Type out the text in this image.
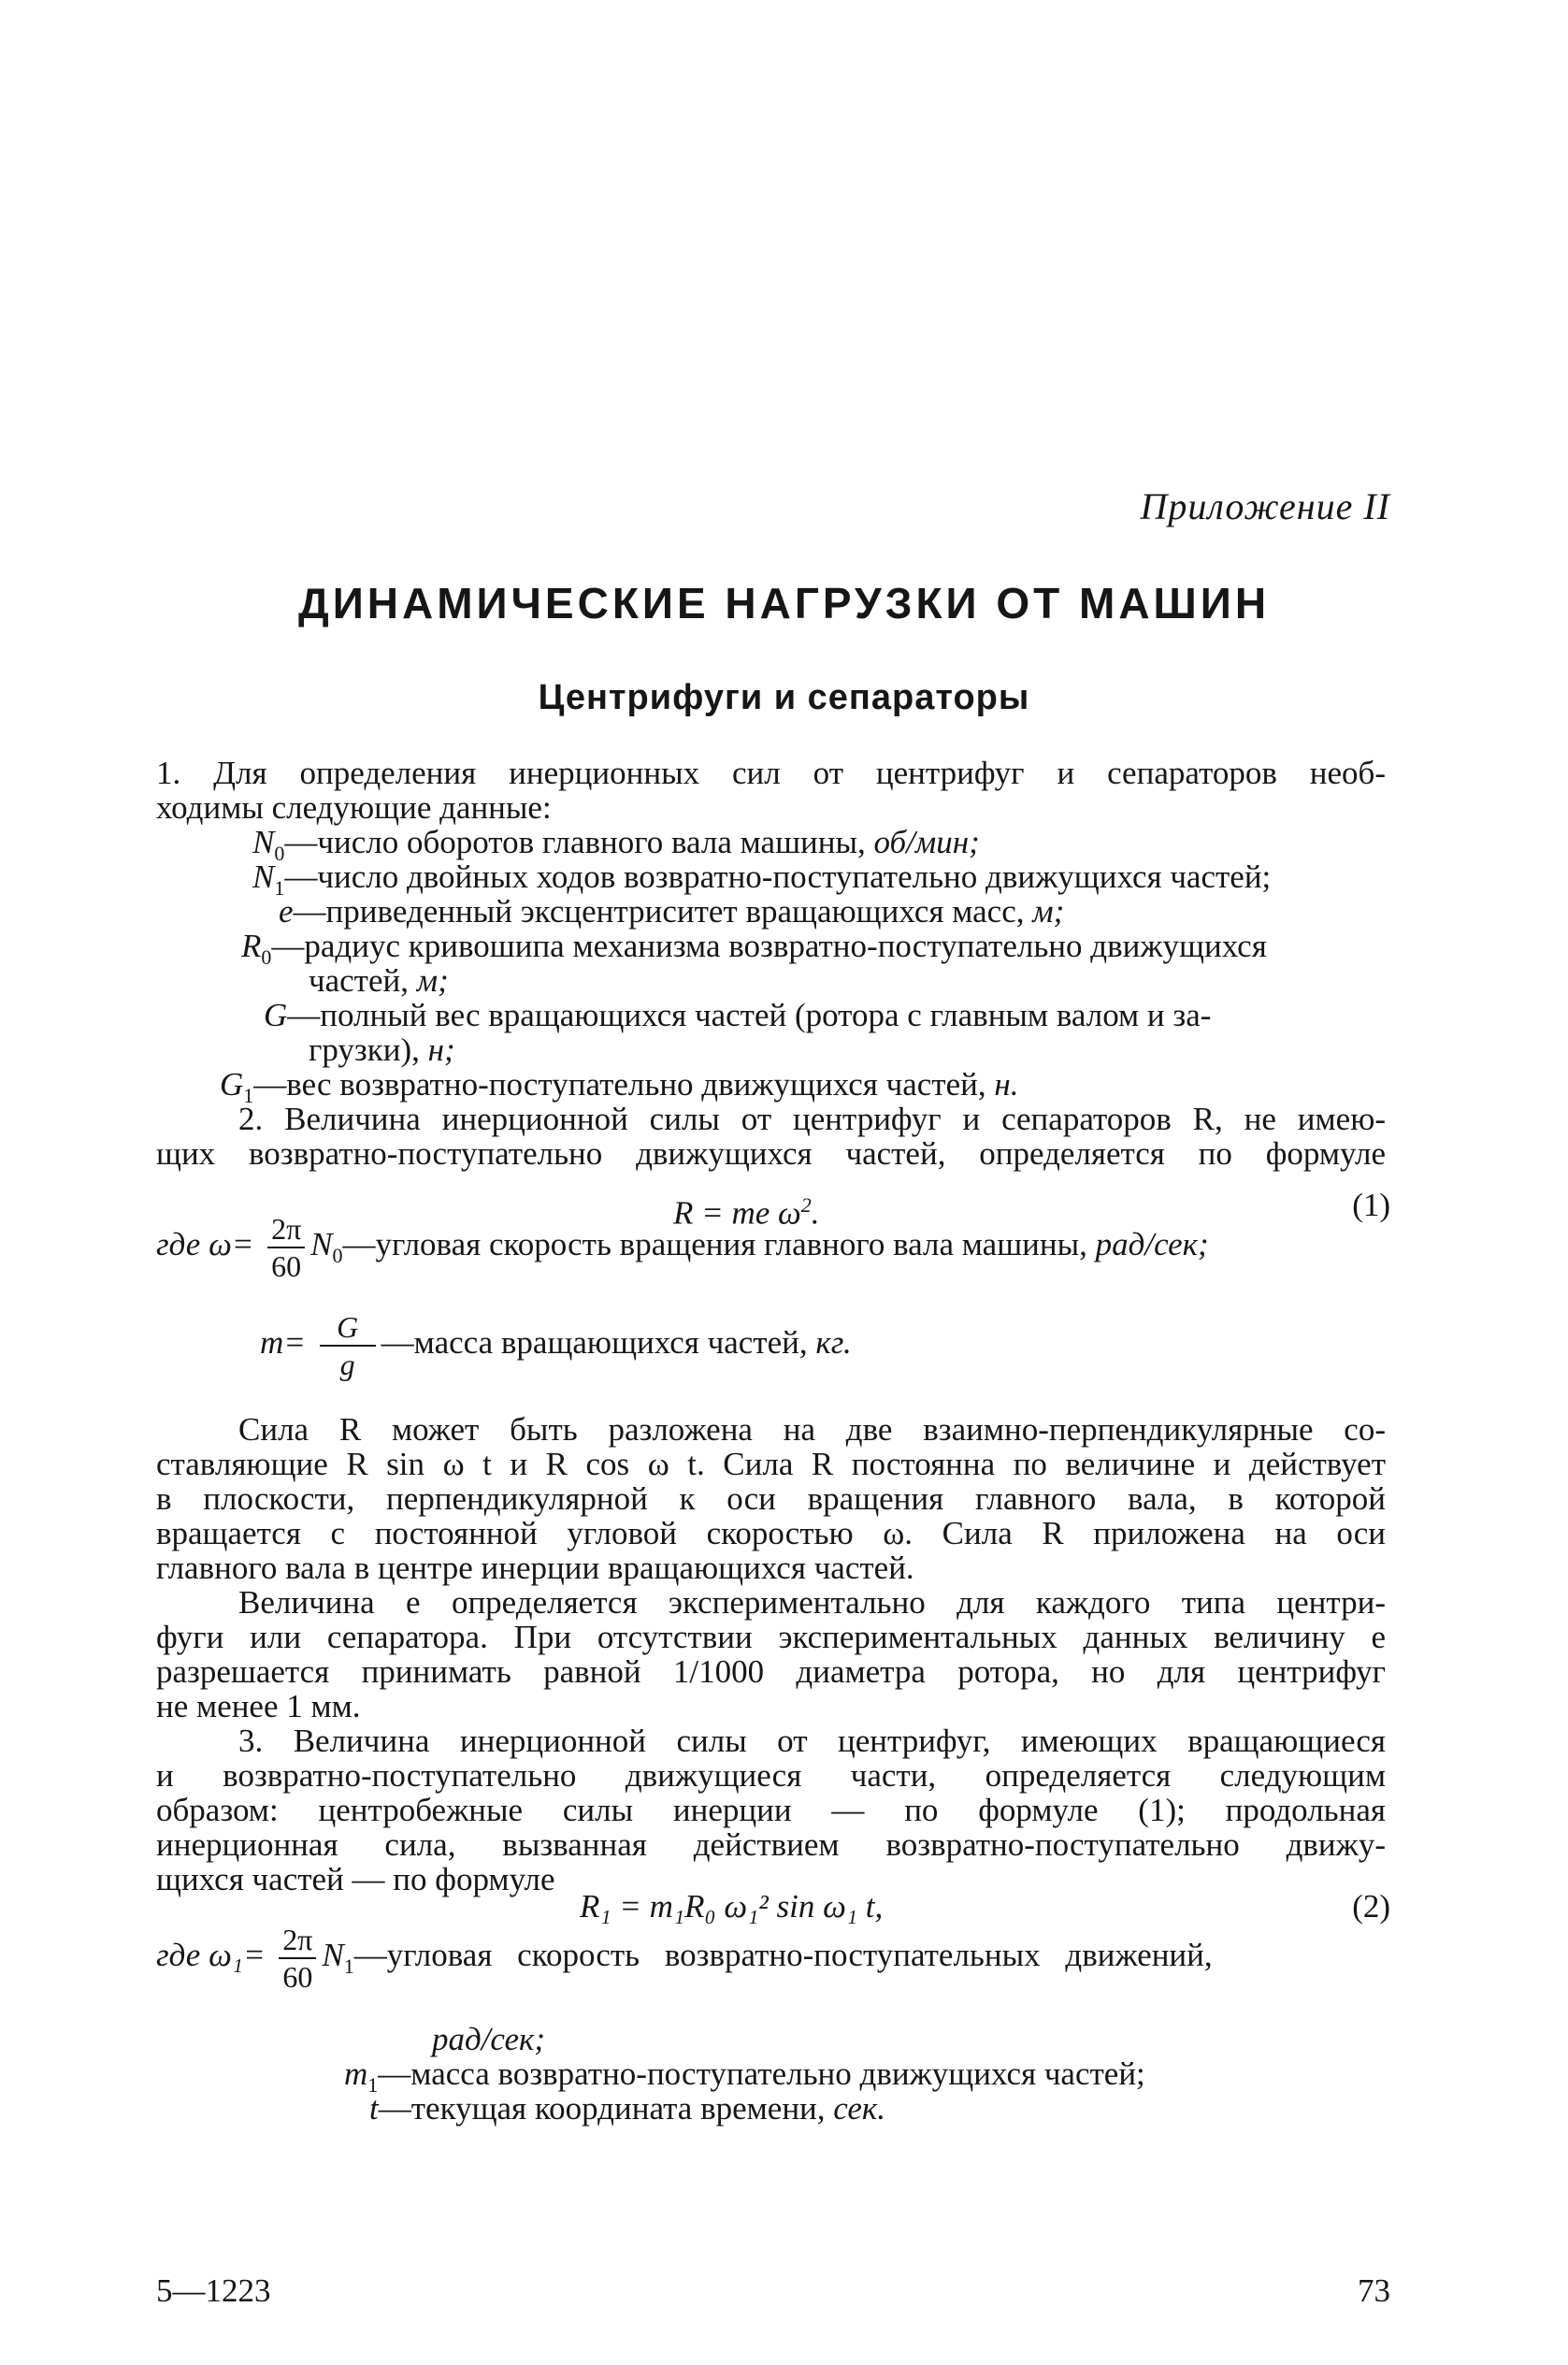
Приложение II
ДИНАМИЧЕСКИЕ НАГРУЗКИ ОТ МАШИН
Центрифуги и сепараторы
1. Для определения инерционных сил от центрифуг и сепараторов необ-
ходимы следующие данные:
$N_0—число$ оборотов главного вала машины, об/мин;
$N_1—число$ двойных ходов возвратно-поступательно движущихся частей;
e—приведенный эксцентриситет вращающихся масс, м;
$R_0—радиус$ кривошипа механизма возвратно-поступательно движущихся
частей, м;
G—полный вес вращающихся частей (ротора с главным валом и за-
грузки), н;
$G_1—вес$ возвратно-поступательно движущихся частей, н.
2. Величина инерционной силы от центрифуг и сепараторов R, не имею-
щих возвратно-поступательно движущихся частей, определяется по формуле
R = me $\omega^2$.	(1)
где $\omega= \frac{2\pi}{60}$ $N_0—угловая$ скорость вращения главного вала машины, рад/сек;
$m= \frac{G}{g}$ —масса вращающихся частей, кг.
Сила R может быть разложена на две взаимно-перпендикулярные со-
ставляющие R sin ω t и R cos ω t. Сила R постоянна по величине и действует
в плоскости, перпендикулярной к оси вращения главного вала, в которой
вращается с постоянной угловой скоростью ω. Сила R приложена на оси
главного вала в центре инерции вращающихся частей.
Величина e определяется экспериментально для каждого типа центри-
фуги или сепаратора. При отсутствии экспериментальных данных величину e
разрешается принимать равной 1/1000 диаметра ротора, но для центрифуг
не менее 1 мм.
3. Величина инерционной силы от центрифуг, имеющих вращающиеся
и возвратно-поступательно движущиеся части, определяется следующим
образом: центробежные силы инерции — по формуле (1); продольная
инерционная сила, вызванная действием возвратно-поступательно движу-
щихся частей — по формуле
R₁ = m₁R₀ ω₁² sin ω₁ t,	(2)
где $\omega_1= \frac{2\pi}{60}$ $N_1—угловая$ скорость возвратно-поступательных движений,
рад/сек;
$m_1—масса$ возвратно-поступательно движущихся частей;
t—текущая координата времени, сек.
5—1223	73
